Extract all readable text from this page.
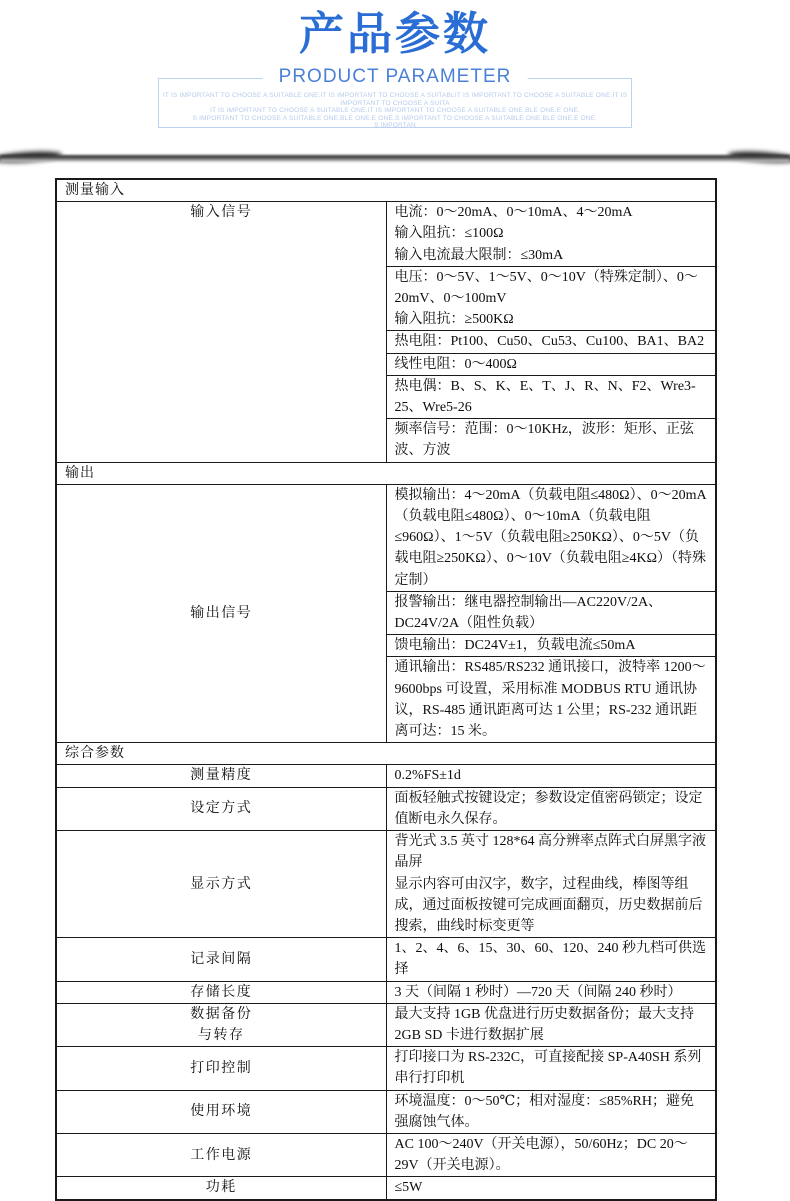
产品参数
PRODUCT PARAMETER
IT IS IMPORTANT TO CHOOSE A SUITABLE ONE.IT IS IMPORTANT TO CHOOSE A SUITABLIT IS IMPORTANT TO CHOOSE A SUITABLE ONE.IT IS IMPORTANT TO CHOOSE A SUITA
IT IS IMPORTANT TO CHOOSE A SUITABLE ONE.IT IS IMPORTANT TO CHOOSE A SUITABLE ONE.BLE ONE.E ONE.
S IMPORTANT TO CHOOSE A SUITABLE ONE.BLE ONE.E ONE.S IMPORTANT TO CHOOSE A SUITABLE ONE.BLE ONE.E ONE.
S IMPORTAN
测量输入	
输入信号	电流：0～20mA、0～10mA、4～20mA
输入阻抗：≤100Ω
输入电流最大限制：≤30mA

	电压：0～5V、1～5V、0～10V（特殊定制）、0～20mV、0～100mV
输入阻抗：≥500KΩ

	热电阻：Pt100、Cu50、Cu53、Cu100、BA1、BA2
	线性电阻：0～400Ω
	热电偶：B、S、K、E、T、J、R、N、F2、Wre3-25、Wre5-26
	频率信号：范围：0～10KHz，波形：矩形、正弦波、方波
输出	
输出信号	模拟输出：4～20mA（负载电阻≤480Ω）、0～20mA（负载电阻≤480Ω）、0～10mA（负载电阻≤960Ω）、1～5V（负载电阻≥250KΩ）、0～5V（负载电阻≥250KΩ）、0～10V（负载电阻≥4KΩ）（特殊定制）
	报警输出：继电器控制输出—AC220V/2A、DC24V/2A（阻性负载）
	馈电输出：DC24V±1，负载电流≤50mA
	通讯输出：RS485/RS232 通讯接口，波特率 1200～9600bps 可设置，采用标准 MODBUS RTU 通讯协议，RS-485 通讯距离可达 1 公里；RS-232 通讯距离可达：15 米。
综合参数	
测量精度	0.2%FS±1d
设定方式	面板轻触式按键设定；参数设定值密码锁定；设定值断电永久保存。
显示方式	背光式 3.5 英寸 128*64 高分辨率点阵式白屏黑字液晶屏
显示内容可由汉字，数字，过程曲线，棒图等组成，通过面板按键可完成画面翻页，历史数据前后搜索，曲线时标变更等

记录间隔	1、2、4、6、15、30、60、120、240 秒九档可供选择
存储长度	3 天（间隔 1 秒时）—720 天（间隔 240 秒时）

数据备份
与转存	最大支持 1GB 优盘进行历史数据备份；最大支持 2GB SD 卡进行数据扩展
打印控制	打印接口为 RS-232C，可直接配接 SP-A40SH 系列串行打印机
使用环境	环境温度：0～50℃；相对湿度：≤85%RH；避免强腐蚀气体。
工作电源	AC 100～240V（开关电源），50/60Hz；DC 20～29V（开关电源）。
功耗	≤5W
